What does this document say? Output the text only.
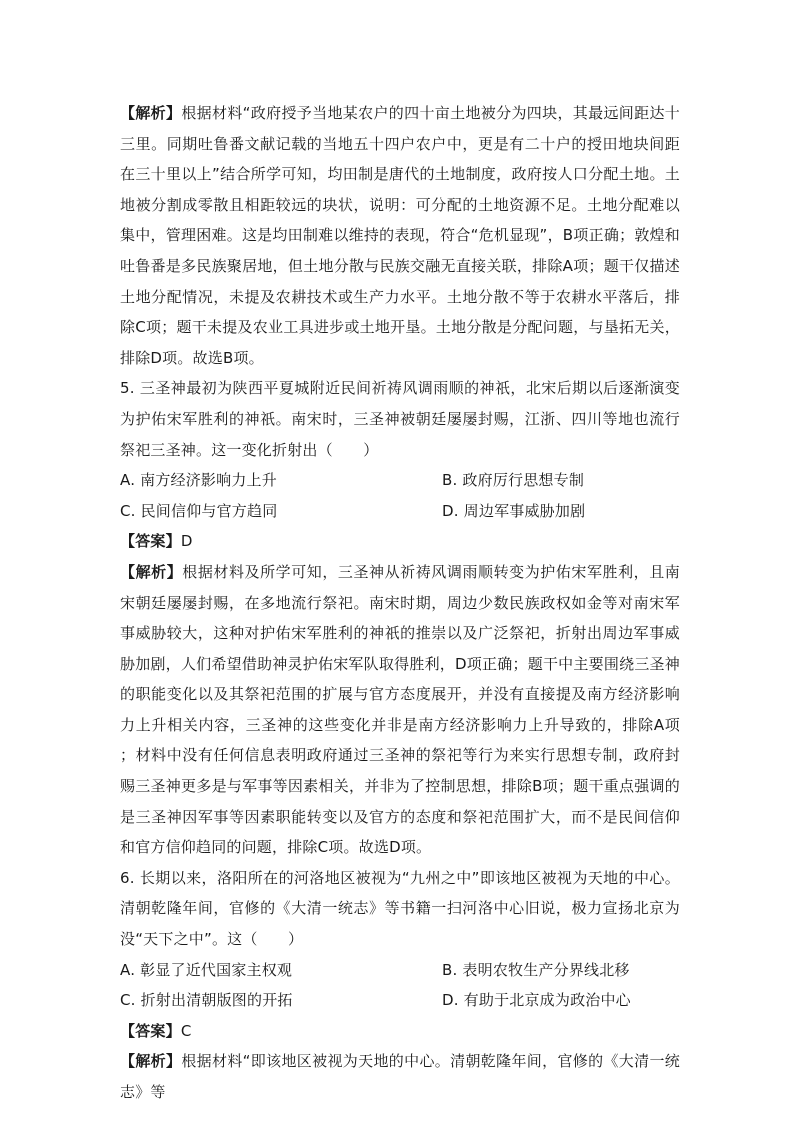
【解析】根据材料“政府授予当地某农户的四十亩土地被分为四块，其最远间距达十三里。同期吐鲁番文献记载的当地五十四户农户中，更是有二十户的授田地块间距在三十里以上”结合所学可知，均田制是唐代的土地制度，政府按人口分配土地。土地被分割成零散且相距较远的块状，说明：可分配的土地资源不足。土地分配难以集中，管理困难。这是均田制难以维持的表现，符合“危机显现”，B项正确；敦煌和吐鲁番是多民族聚居地，但土地分散与民族交融无直接关联，排除A项；题干仅描述土地分配情况，未提及农耕技术或生产力水平。土地分散不等于农耕水平落后，排除C项；题干未提及农业工具进步或土地开垦。土地分散是分配问题，与垦拓无关，排除D项。故选B项。

5. 三圣神最初为陕西平夏城附近民间祈祷风调雨顺的神祇，北宋后期以后逐渐演变为护佑宋军胜利的神祇。南宋时，三圣神被朝廷屡屡封赐，江浙、四川等地也流行祭祀三圣神。这一变化折射出（　　）

A. 南方经济影响力上升	B. 政府厉行思想专制
C. 民间信仰与官方趋同	D. 周边军事威胁加剧

【答案】D

【解析】根据材料及所学可知，三圣神从祈祷风调雨顺转变为护佑宋军胜利，且南宋朝廷屡屡封赐，在多地流行祭祀。南宋时期，周边少数民族政权如金等对南宋军事威胁较大，这种对护佑宋军胜利的神祇的推崇以及广泛祭祀，折射出周边军事威胁加剧，人们希望借助神灵护佑宋军队取得胜利，D项正确；题干中主要围绕三圣神的职能变化以及其祭祀范围的扩展与官方态度展开，并没有直接提及南方经济影响力上升相关内容，三圣神的这些变化并非是南方经济影响力上升导致的，排除A项 ；材料中没有任何信息表明政府通过三圣神的祭祀等行为来实行思想专制，政府封赐三圣神更多是与军事等因素相关，并非为了控制思想，排除B项；题干重点强调的是三圣神因军事等因素职能转变以及官方的态度和祭祀范围扩大，而不是民间信仰和官方信仰趋同的问题，排除C项。故选D项。

6. 长期以来，洛阳所在的河洛地区被视为“九州之中”即该地区被视为天地的中心。清朝乾隆年间，官修的《大清一统志》等书籍一扫河洛中心旧说，极力宣扬北京为没“天下之中”。这（　　）

A. 彰显了近代国家主权观	B. 表明农牧生产分界线北移
C. 折射出清朝版图的开拓	D. 有助于北京成为政治中心

【答案】C

【解析】根据材料“即该地区被视为天地的中心。清朝乾隆年间，官修的《大清一统志》等
